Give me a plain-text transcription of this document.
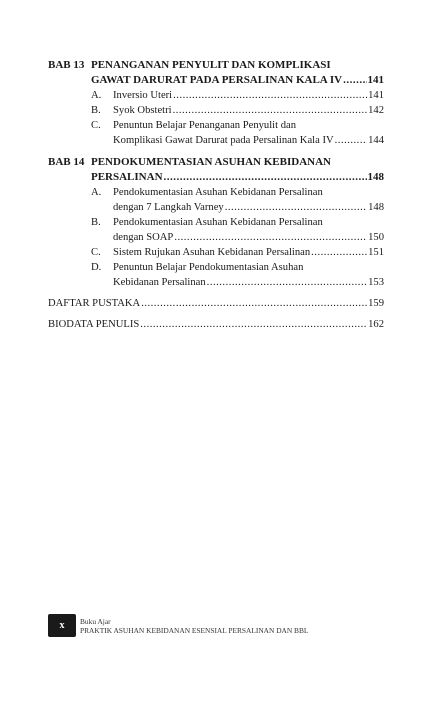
BAB 13 PENANGANAN PENYULIT DAN KOMPLIKASI
GAWAT DARURAT PADA PERSALINAN KALA IV ..... 141
A.	Inversio Uteri .....	141
B.	Syok Obstetri .....	142
C.	Penuntun Belajar Penanganan Penyulit dan
Komplikasi Gawat Darurat pada Persalinan Kala IV .....	144
BAB 14 PENDOKUMENTASIAN ASUHAN KEBIDANAN
PERSALINAN .....	148
A.	Pendokumentasian Asuhan Kebidanan Persalinan
dengan 7 Langkah Varney .....	148
B.	Pendokumentasian Asuhan Kebidanan Persalinan
dengan SOAP .....	150
C.	Sistem Rujukan Asuhan Kebidanan Persalinan .....	151
D.	Penuntun Belajar Pendokumentasian Asuhan
Kebidanan Persalinan .....	153
DAFTAR PUSTAKA .....	159
BIODATA PENULIS .....	162
x	Buku Ajar
PRAKTIK ASUHAN KEBIDANAN ESENSIAL PERSALINAN DAN BBL
